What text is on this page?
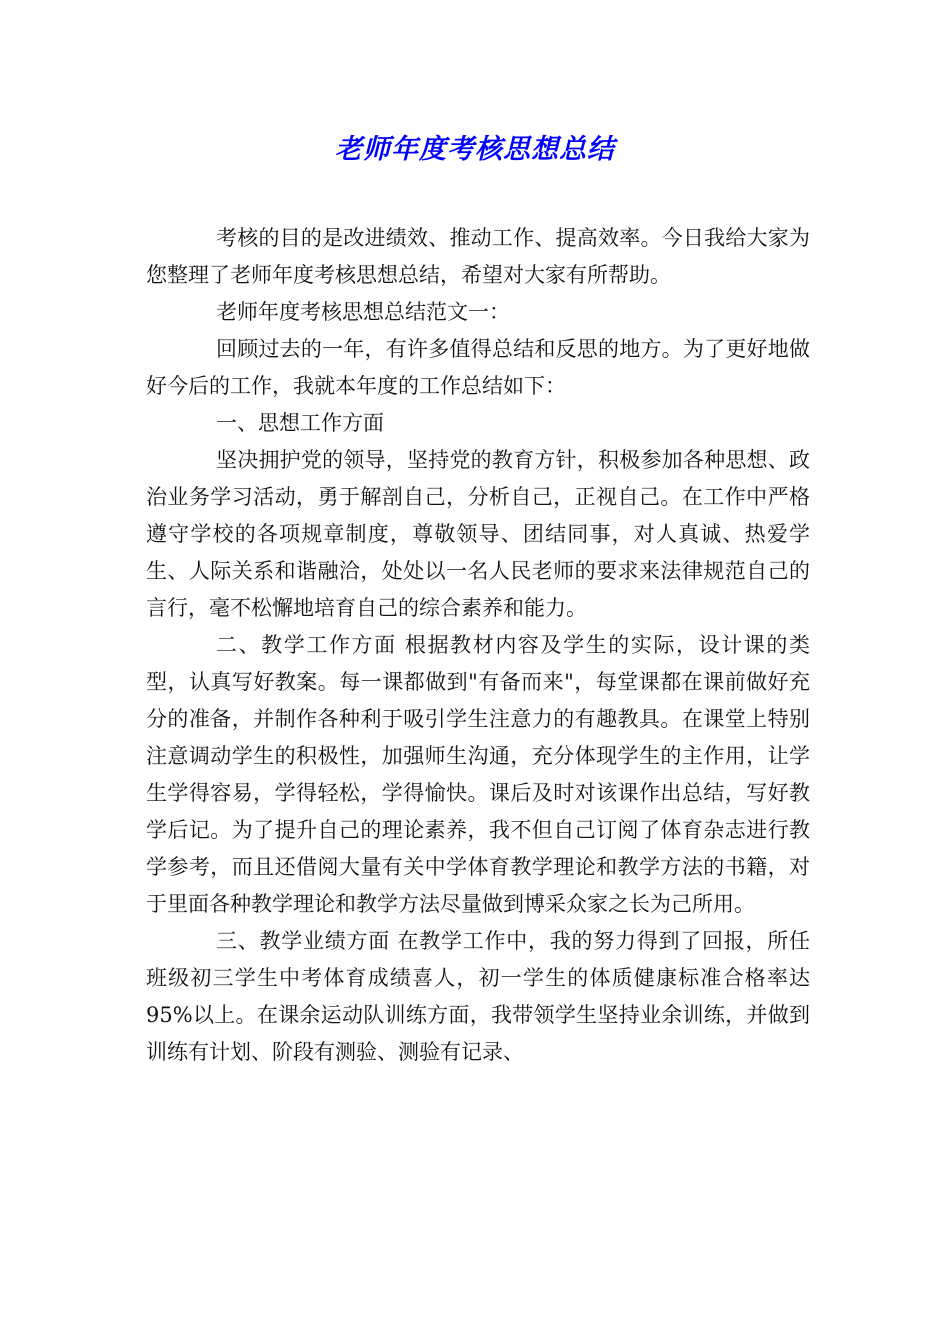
老师年度考核思想总结

考核的目的是改进绩效、推动工作、提高效率。今日我给大家为您整理了老师年度考核思想总结，希望对大家有所帮助。

老师年度考核思想总结范文一：

回顾过去的一年，有许多值得总结和反思的地方。为了更好地做好今后的工作，我就本年度的工作总结如下：

一、思想工作方面

坚决拥护党的领导，坚持党的教育方针，积极参加各种思想、政治业务学习活动，勇于解剖自己，分析自己，正视自己。在工作中严格遵守学校的各项规章制度，尊敬领导、团结同事，对人真诚、热爱学生、人际关系和谐融洽，处处以一名人民老师的要求来法律规范自己的言行，毫不松懈地培育自己的综合素养和能力。

二、教学工作方面 根据教材内容及学生的实际，设计课的类型，认真写好教案。每一课都做到"有备而来"，每堂课都在课前做好充分的准备，并制作各种利于吸引学生注意力的有趣教具。在课堂上特别注意调动学生的积极性，加强师生沟通，充分体现学生的主作用，让学生学得容易，学得轻松，学得愉快。课后及时对该课作出总结，写好教学后记。为了提升自己的理论素养，我不但自己订阅了体育杂志进行教学参考，而且还借阅大量有关中学体育教学理论和教学方法的书籍，对于里面各种教学理论和教学方法尽量做到博采众家之长为己所用。

三、教学业绩方面 在教学工作中，我的努力得到了回报，所任班级初三学生中考体育成绩喜人，初一学生的体质健康标准合格率达95%以上。在课余运动队训练方面，我带领学生坚持业余训练，并做到训练有计划、阶段有测验、测验有记录、
